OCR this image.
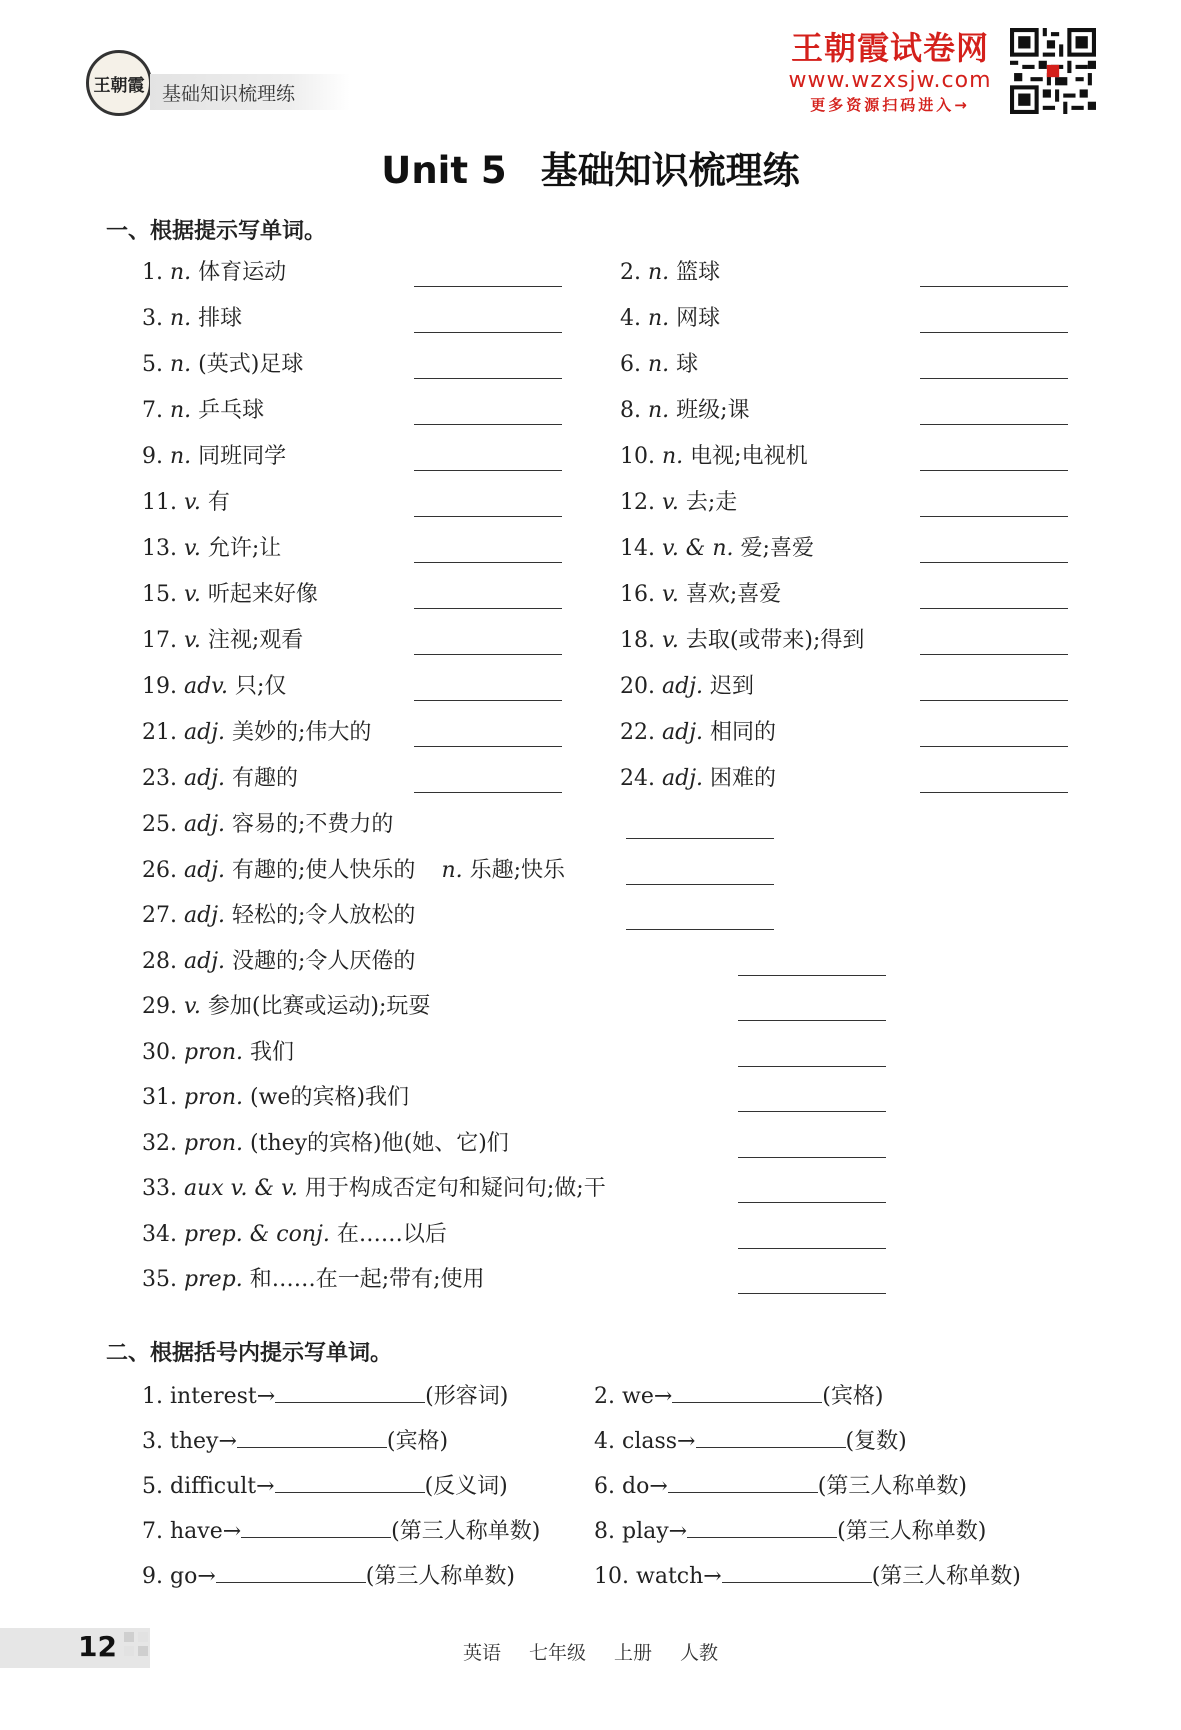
王朝霞 基础知识梳理练
王朝霞试卷网
www.wzxsjw.com
更多资源扫码进入→
Unit 5 基础知识梳理练
一、根据提示写单词。
1. n. 体育运动	2. n. 篮球
3. n. 排球	4. n. 网球
5. n. (英式)足球	6. n. 球
7. n. 乒乓球	8. n. 班级;课
9. n. 同班同学	10. n. 电视;电视机
11. v. 有	12. v. 去;走
13. v. 允许;让	14. v. & n. 爱;喜爱
15. v. 听起来好像	16. v. 喜欢;喜爱
17. v. 注视;观看	18. v. 去取(或带来);得到
19. adv. 只;仅	20. adj. 迟到
21. adj. 美妙的;伟大的	22. adj. 相同的
23. adj. 有趣的	24. adj. 困难的
25. adj. 容易的;不费力的
26. adj. 有趣的;使人快乐的 n. 乐趣;快乐
27. adj. 轻松的;令人放松的
28. adj. 没趣的;令人厌倦的
29. v. 参加(比赛或运动);玩耍
30. pron. 我们
31. pron. (we的宾格)我们
32. pron. (they的宾格)他(她、它)们
33. aux v. & v. 用于构成否定句和疑问句;做;干
34. prep. & conj. 在……以后
35. prep. 和……在一起;带有;使用
二、根据括号内提示写单词。
1. interest→	(形容词)	2. we→	(宾格)
3. they→	(宾格)	4. class→	(复数)
5. difficult→	(反义词)	6. do→	(第三人称单数)
7. have→	(第三人称单数) 8. play→	(第三人称单数)
9. go→	(第三人称单数)	10. watch→	(第三人称单数)
12	英语 七年级 上册 人教
